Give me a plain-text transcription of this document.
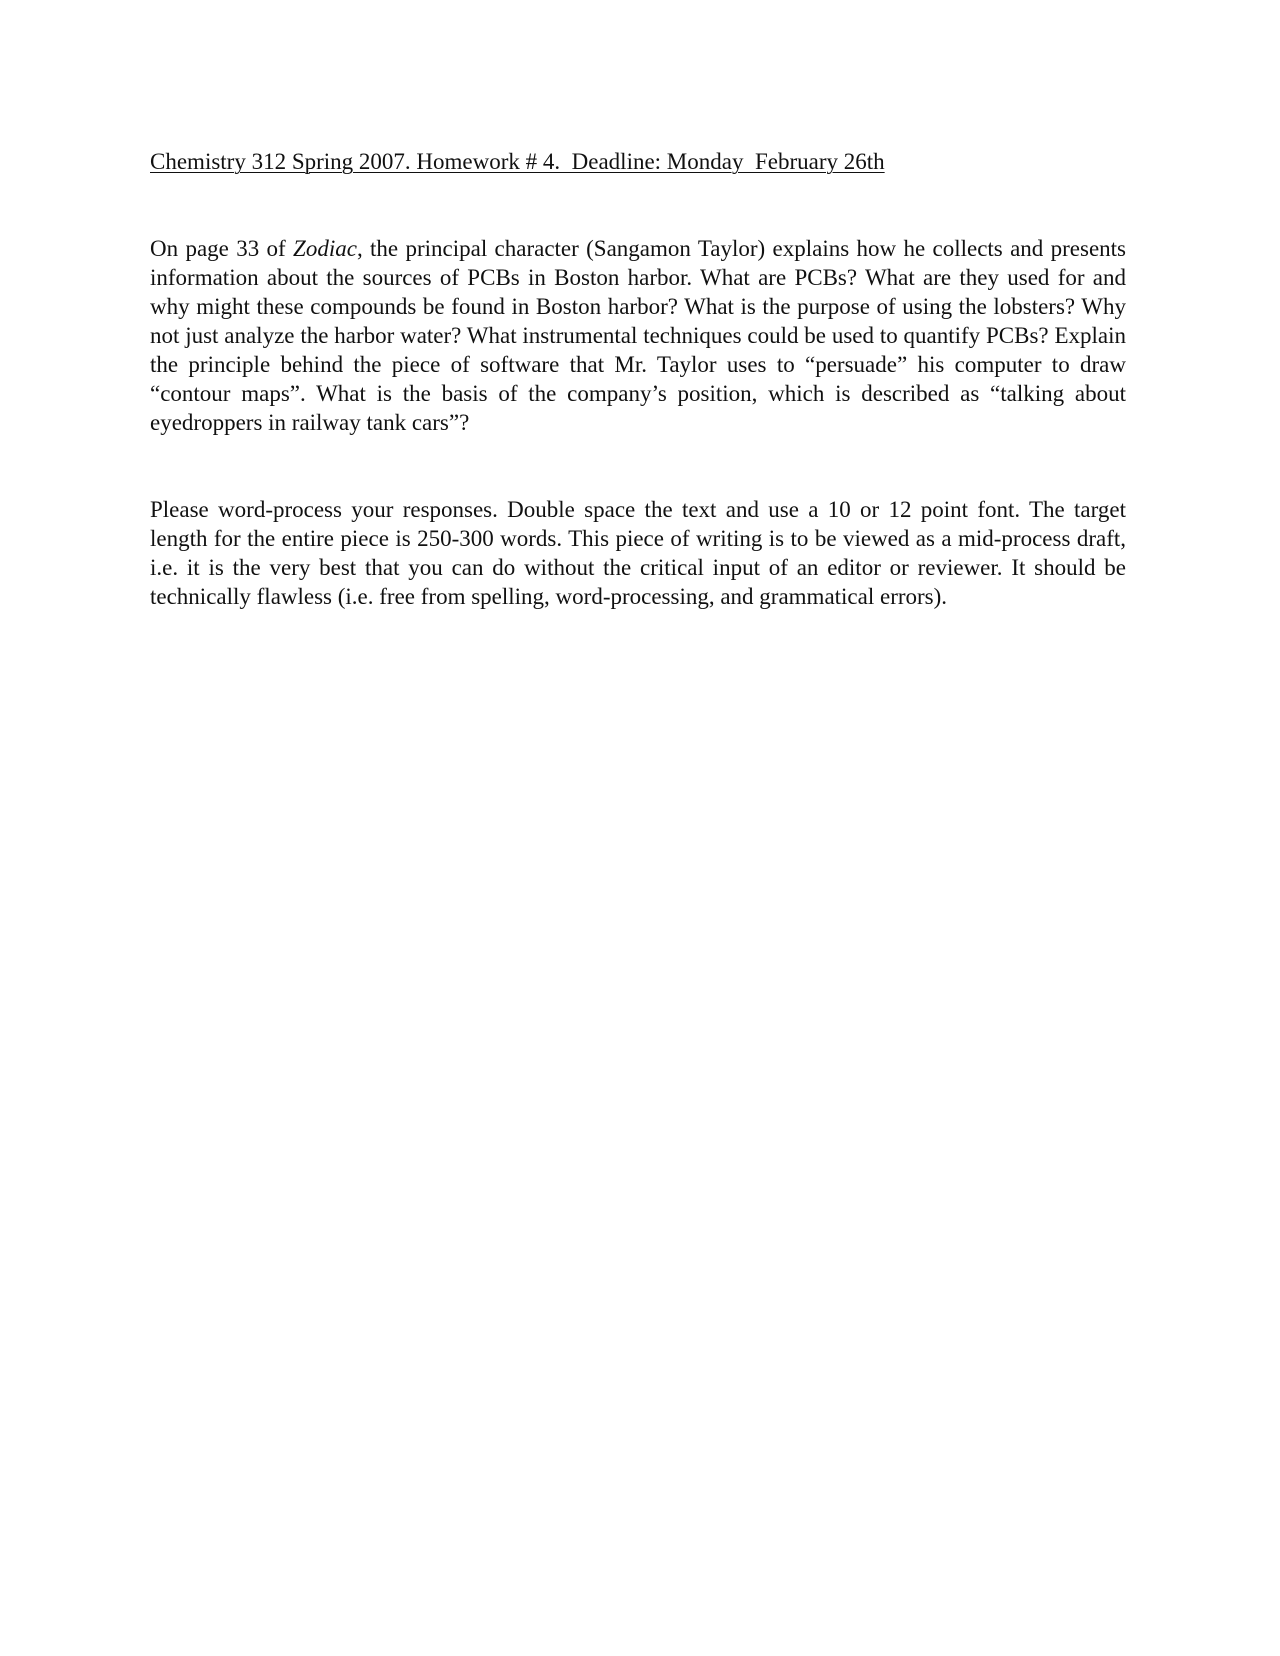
Chemistry 312 Spring 2007. Homework # 4.  Deadline: Monday  February 26th

On page 33 of Zodiac, the principal character (Sangamon Taylor) explains how he collects and presents information about the sources of PCBs in Boston harbor. What are PCBs? What are they used for and why might these compounds be found in Boston harbor? What is the purpose of using the lobsters? Why not just analyze the harbor water? What instrumental techniques could be used to quantify PCBs? Explain the principle behind the piece of software that Mr. Taylor uses to “persuade” his computer to draw “contour maps”. What is the basis of the company’s position, which is described as “talking about eyedroppers in railway tank cars”?

Please word-process your responses. Double space the text and use a 10 or 12 point font. The target length for the entire piece is 250-300 words. This piece of writing is to be viewed as a mid-process draft, i.e. it is the very best that you can do without the critical input of an editor or reviewer. It should be technically flawless (i.e. free from spelling, word-processing, and grammatical errors).
